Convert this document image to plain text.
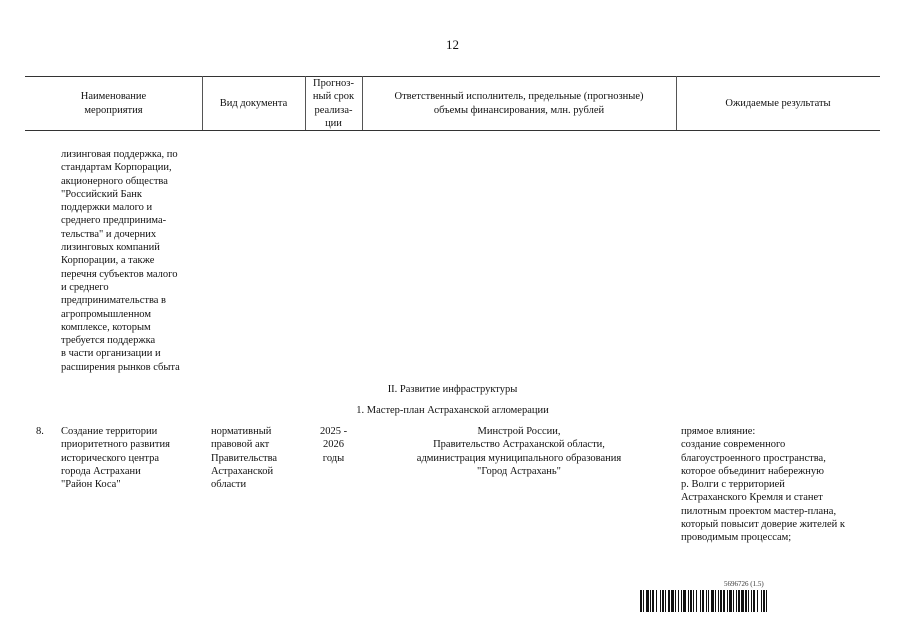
12
Наименование
мероприятия
Вид документа
Прогноз-
ный срок
реализа-
ции
Ответственный исполнитель, предельные (прогнозные)
объемы финансирования, млн. рублей
Ожидаемые результаты
лизинговая поддержка, по
стандартам Корпорации,
акционерного общества
"Российский Банк
поддержки малого и
среднего предпринима-
тельства" и дочерних
лизинговых компаний
Корпорации, а также
перечня субъектов малого
и среднего
предпринимательства в
агропромышленном
комплексе, которым
требуется поддержка
в части организации и
расширения рынков сбыта
II. Развитие инфраструктуры
1. Мастер-план Астраханской агломерации
8. Создание территории
приоритетного развития
исторического центра
города Астрахани
"Район Коса"
нормативный
правовой акт
Правительства
Астраханской
области
2025 -
2026
годы
Минстрой России,
Правительство Астраханской области,
администрация муниципального образования
"Город Астрахань"
прямое влияние:
создание современного
благоустроенного пространства,
которое объединит набережную
р. Волги с территорией
Астраханского Кремля и станет
пилотным проектом мастер-плана,
который повысит доверие жителей к
проводимым процессам;
5696726 (1.5)
